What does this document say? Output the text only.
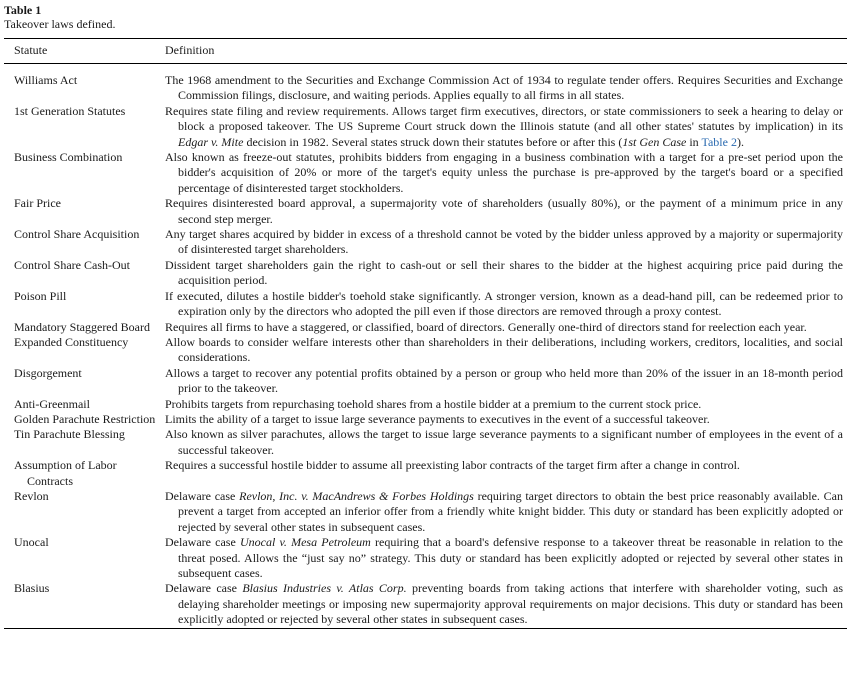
Table 1
Takeover laws defined.
Statute	Definition

Williams Act	The 1968 amendment to the Securities and Exchange Commission Act of 1934 to regulate tender offers. Requires Securities and Exchange Commission filings, disclosure, and waiting periods. Applies equally to all firms in all states.

1st Generation Statutes	Requires state filing and review requirements. Allows target firm executives, directors, or state commissioners to seek a hearing to delay or block a proposed takeover. The US Supreme Court struck down the Illinois statute (and all other states' statutes by implication) in its Edgar v. Mite decision in 1982. Several states struck down their statutes before or after this (1st Gen Case in Table 2).

Business Combination	Also known as freeze-out statutes, prohibits bidders from engaging in a business combination with a target for a pre-set period upon the bidder's acquisition of 20% or more of the target's equity unless the purchase is pre-approved by the target's board or a specified percentage of disinterested target stockholders.

Fair Price	Requires disinterested board approval, a supermajority vote of shareholders (usually 80%), or the payment of a minimum price in any second step merger.

Control Share Acquisition	Any target shares acquired by bidder in excess of a threshold cannot be voted by the bidder unless approved by a majority or supermajority of disinterested target shareholders.

Control Share Cash-Out	Dissident target shareholders gain the right to cash-out or sell their shares to the bidder at the highest acquiring price paid during the acquisition period.

Poison Pill	If executed, dilutes a hostile bidder's toehold stake significantly. A stronger version, known as a dead-hand pill, can be redeemed prior to expiration only by the directors who adopted the pill even if those directors are removed through a proxy contest.

Mandatory Staggered Board	Requires all firms to have a staggered, or classified, board of directors. Generally one-third of directors stand for reelection each year.

Expanded Constituency	Allow boards to consider welfare interests other than shareholders in their deliberations, including workers, creditors, localities, and social considerations.

Disgorgement	Allows a target to recover any potential profits obtained by a person or group who held more than 20% of the issuer in an 18-month period prior to the takeover.

Anti-Greenmail	Prohibits targets from repurchasing toehold shares from a hostile bidder at a premium to the current stock price.

Golden Parachute Restriction	Limits the ability of a target to issue large severance payments to executives in the event of a successful takeover.

Tin Parachute Blessing	Also known as silver parachutes, allows the target to issue large severance payments to a significant number of employees in the event of a successful takeover.

Assumption of Labor Contracts	Requires a successful hostile bidder to assume all preexisting labor contracts of the target firm after a change in control.

Revlon	Delaware case Revlon, Inc. v. MacAndrews & Forbes Holdings requiring target directors to obtain the best price reasonably available. Can prevent a target from accepted an inferior offer from a friendly white knight bidder. This duty or standard has been explicitly adopted or rejected by several other states in subsequent cases.

Unocal	Delaware case Unocal v. Mesa Petroleum requiring that a board's defensive response to a takeover threat be reasonable in relation to the threat posed. Allows the “just say no” strategy. This duty or standard has been explicitly adopted or rejected by several other states in subsequent cases.

Blasius	Delaware case Blasius Industries v. Atlas Corp. preventing boards from taking actions that interfere with shareholder voting, such as delaying shareholder meetings or imposing new supermajority approval requirements on major decisions. This duty or standard has been explicitly adopted or rejected by several other states in subsequent cases.
